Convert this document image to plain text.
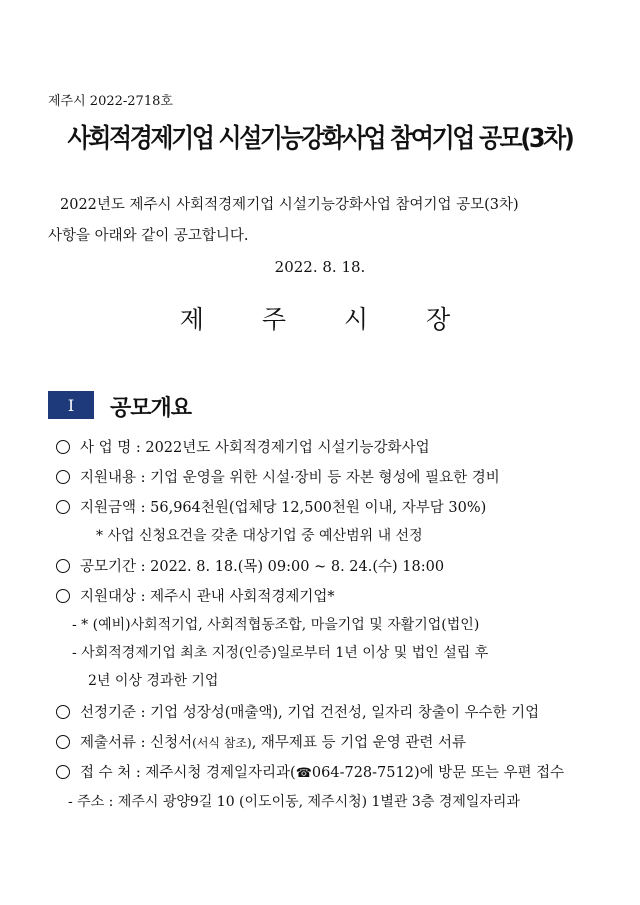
제주시 2022-2718호
사회적경제기업 시설기능강화사업 참여기업 공모(3차)
2022년도 제주시 사회적경제기업 시설기능강화사업 참여기업 공모(3차)
사항을 아래와 같이 공고합니다.
2022. 8. 18.
제 주 시 장
Ⅰ	공모개요
사 업 명 : 2022년도 사회적경제기업 시설기능강화사업
지원내용 : 기업 운영을 위한 시설·장비 등 자본 형성에 필요한 경비
지원금액 : 56,964천원(업체당 12,500천원 이내, 자부담 30%)
* 사업 신청요건을 갖춘 대상기업 중 예산범위 내 선정
공모기간 : 2022. 8. 18.(목) 09:00 ~ 8. 24.(수) 18:00
지원대상 : 제주시 관내 사회적경제기업*
- * (예비)사회적기업, 사회적협동조합, 마을기업 및 자활기업(법인)
- 사회적경제기업 최초 지정(인증)일로부터 1년 이상 및 법인 설립 후
2년 이상 경과한 기업
선정기준 : 기업 성장성(매출액), 기업 건전성, 일자리 창출이 우수한 기업
제출서류 : 신청서(서식 참조), 재무제표 등 기업 운영 관련 서류
접 수 처 : 제주시청 경제일자리과(☎064-728-7512)에 방문 또는 우편 접수
- 주소 : 제주시 광양9길 10 (이도이동, 제주시청) 1별관 3층 경제일자리과
